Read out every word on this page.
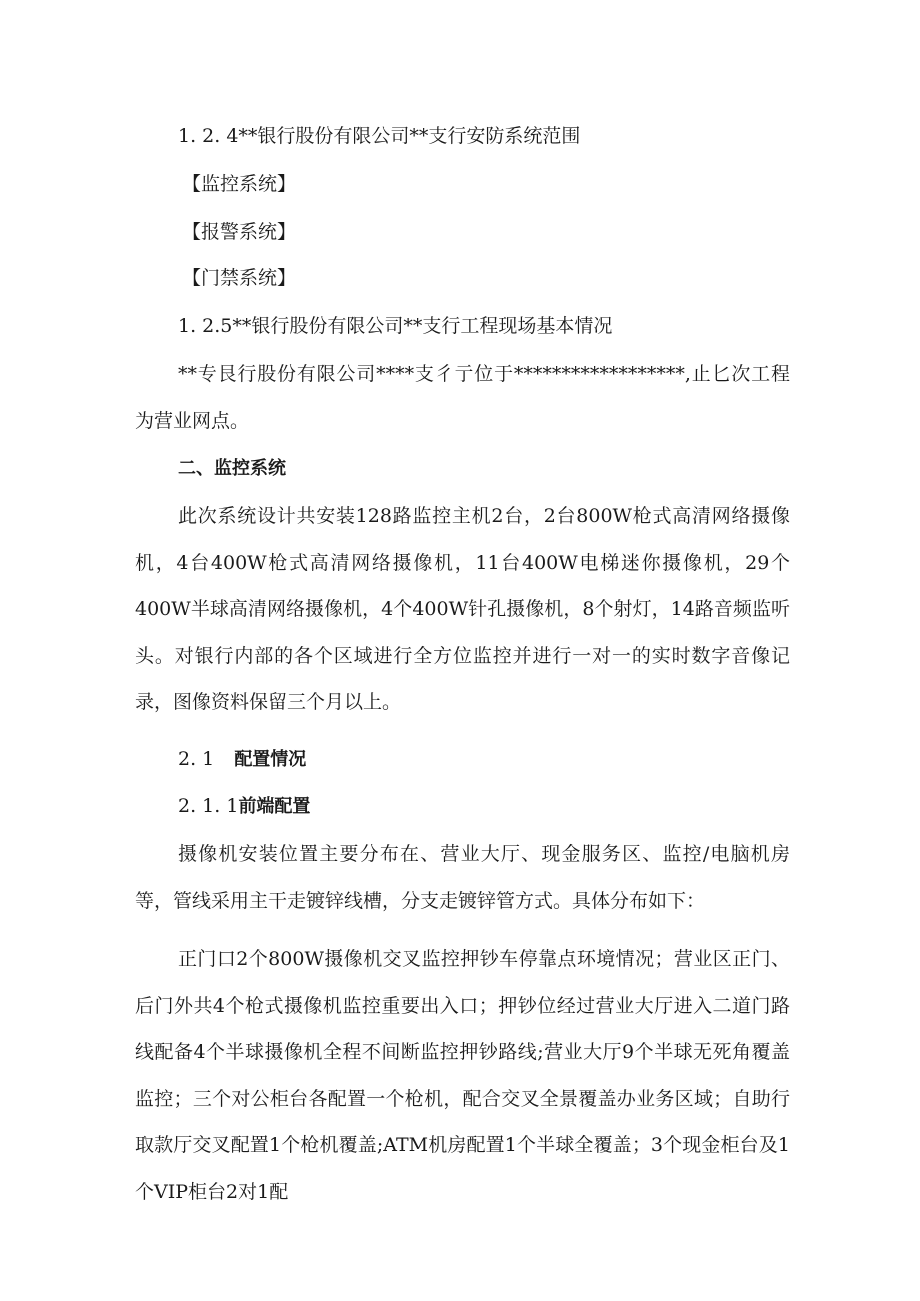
1. 2. 4**银行股份有限公司**支行安防系统范围
【监控系统】
【报警系统】
【门禁系统】
1. 2.5**银行股份有限公司**支行工程现场基本情况

**专艮行股份有限公司****支彳亍位于******************,止匕次工程为营业网点。

二、监控系统

此次系统设计共安装128路监控主机2台，2台800W枪式高清网络摄像机，4台400W枪式高清网络摄像机，11台400W电梯迷你摄像机，29个400W半球高清网络摄像机，4个400W针孔摄像机，8个射灯，14路音频监听头。对银行内部的各个区域进行全方位监控并进行一对一的实时数字音像记录，图像资料保留三个月以上。

2. 1 配置情况
2. 1. 1前端配置

摄像机安装位置主要分布在、营业大厅、现金服务区、监控/电脑机房等，管线采用主干走镀锌线槽，分支走镀锌管方式。具体分布如下：

正门口2个800W摄像机交叉监控押钞车停靠点环境情况；营业区正门、后门外共4个枪式摄像机监控重要出入口；押钞位经过营业大厅进入二道门路线配备4个半球摄像机全程不间断监控押钞路线;营业大厅9个半球无死角覆盖监控；三个对公柜台各配置一个枪机，配合交叉全景覆盖办业务区域；自助行取款厅交叉配置1个枪机覆盖;ATM机房配置1个半球全覆盖；3个现金柜台及1个VIP柜台2对1配
